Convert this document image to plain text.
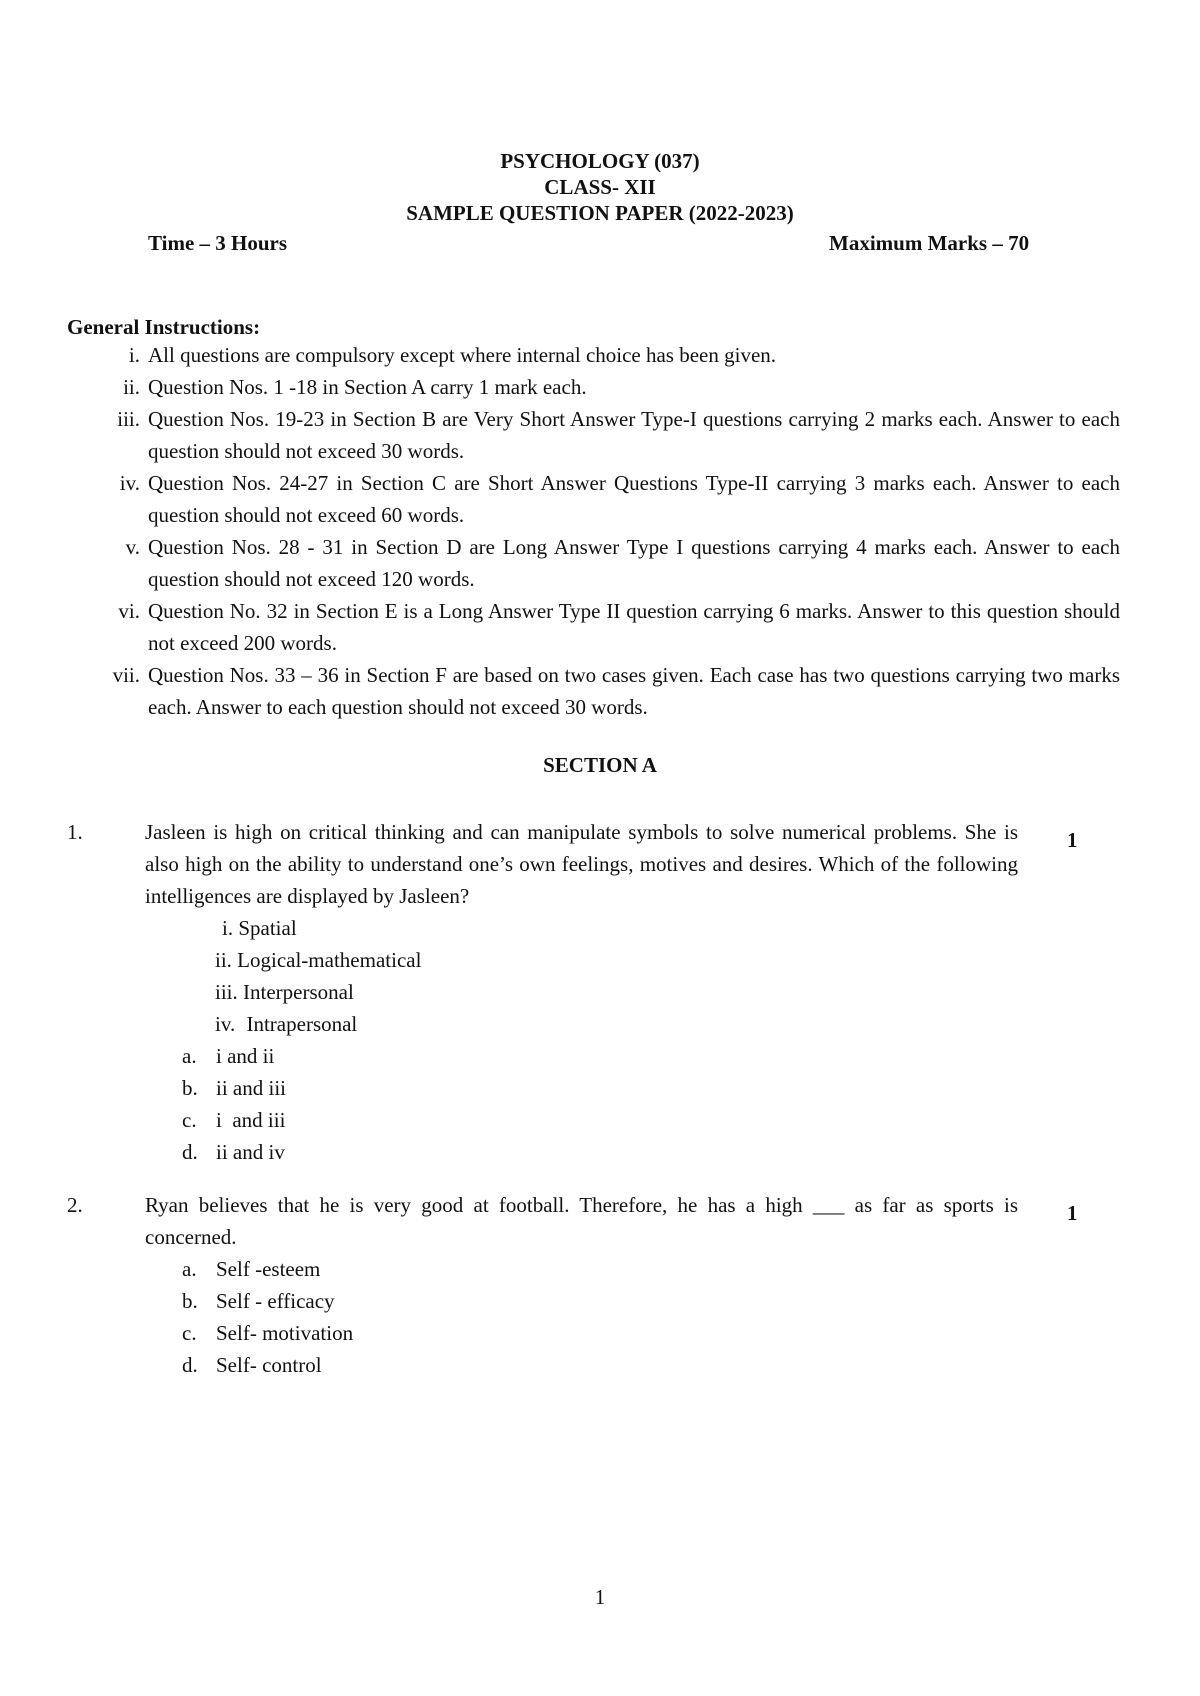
PSYCHOLOGY (037)
CLASS- XII
SAMPLE QUESTION PAPER (2022-2023)
Time – 3 Hours	Maximum Marks – 70
General Instructions:
i. All questions are compulsory except where internal choice has been given.
ii. Question Nos. 1 -18 in Section A carry 1 mark each.
iii. Question Nos. 19-23 in Section B are Very Short Answer Type-I questions carrying 2 marks each. Answer to each question should not exceed 30 words.
iv. Question Nos. 24-27 in Section C are Short Answer Questions Type-II carrying 3 marks each. Answer to each question should not exceed 60 words.
v. Question Nos. 28 - 31 in Section D are Long Answer Type I questions carrying 4 marks each. Answer to each question should not exceed 120 words.
vi. Question No. 32 in Section E is a Long Answer Type II question carrying 6 marks. Answer to this question should not exceed 200 words.
vii. Question Nos. 33 – 36 in Section F are based on two cases given. Each case has two questions carrying two marks each. Answer to each question should not exceed 30 words.
SECTION A
1.	Jasleen is high on critical thinking and can manipulate symbols to solve numerical problems. She is also high on the ability to understand one’s own feelings, motives and desires. Which of the following intelligences are displayed by Jasleen?
1
i. Spatial
ii. Logical-mathematical
iii. Interpersonal
iv. Intrapersonal
a. i and ii
b. ii and iii
c. i  and iii
d. ii and iv
2.	Ryan believes that he is very good at football. Therefore, he has a high ___ as far as sports is concerned.
1
a. Self -esteem
b. Self - efficacy
c. Self- motivation
d. Self- control
1
